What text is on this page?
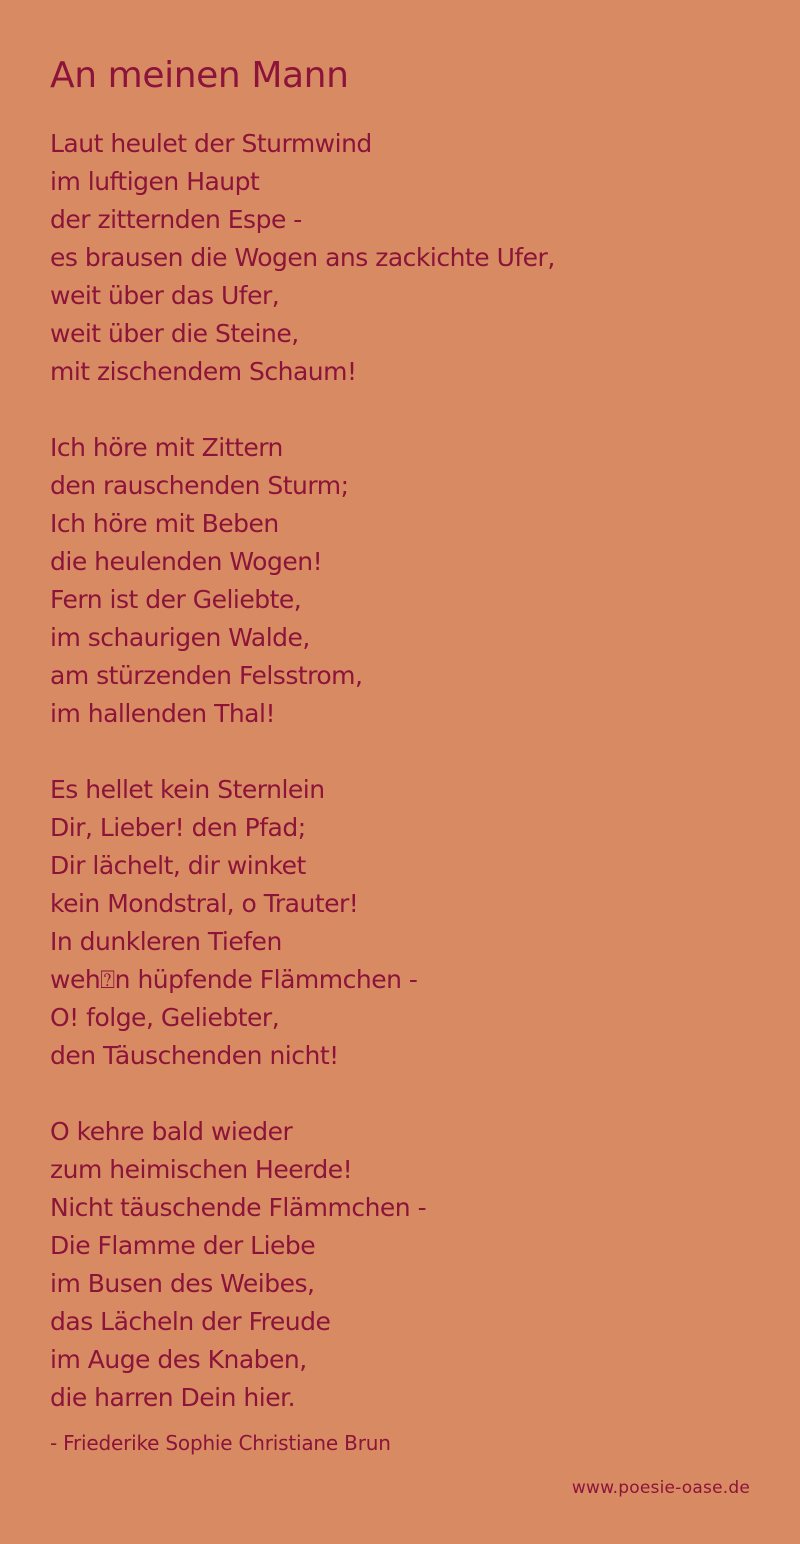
An meinen Mann

Laut heulet der Sturmwind
im luftigen Haupt
der zitternden Espe -
es brausen die Wogen ans zackichte Ufer,
weit über das Ufer,
weit über die Steine,
mit zischendem Schaum!

Ich höre mit Zittern
den rauschenden Sturm;
Ich höre mit Beben
die heulenden Wogen!
Fern ist der Geliebte,
im schaurigen Walde,
am stürzenden Felsstrom,
im hallenden Thal!

Es hellet kein Sternlein
Dir, Lieber! den Pfad;
Dir lächelt, dir winket
kein Mondstral, o Trauter!
In dunkleren Tiefen
weh⍰n hüpfende Flämmchen -
O! folge, Geliebter,
den Täuschenden nicht!

O kehre bald wieder
zum heimischen Heerde!
Nicht täuschende Flämmchen -
Die Flamme der Liebe
im Busen des Weibes,
das Lächeln der Freude
im Auge des Knaben,
die harren Dein hier.

- Friederike Sophie Christiane Brun
www.poesie-oase.de
